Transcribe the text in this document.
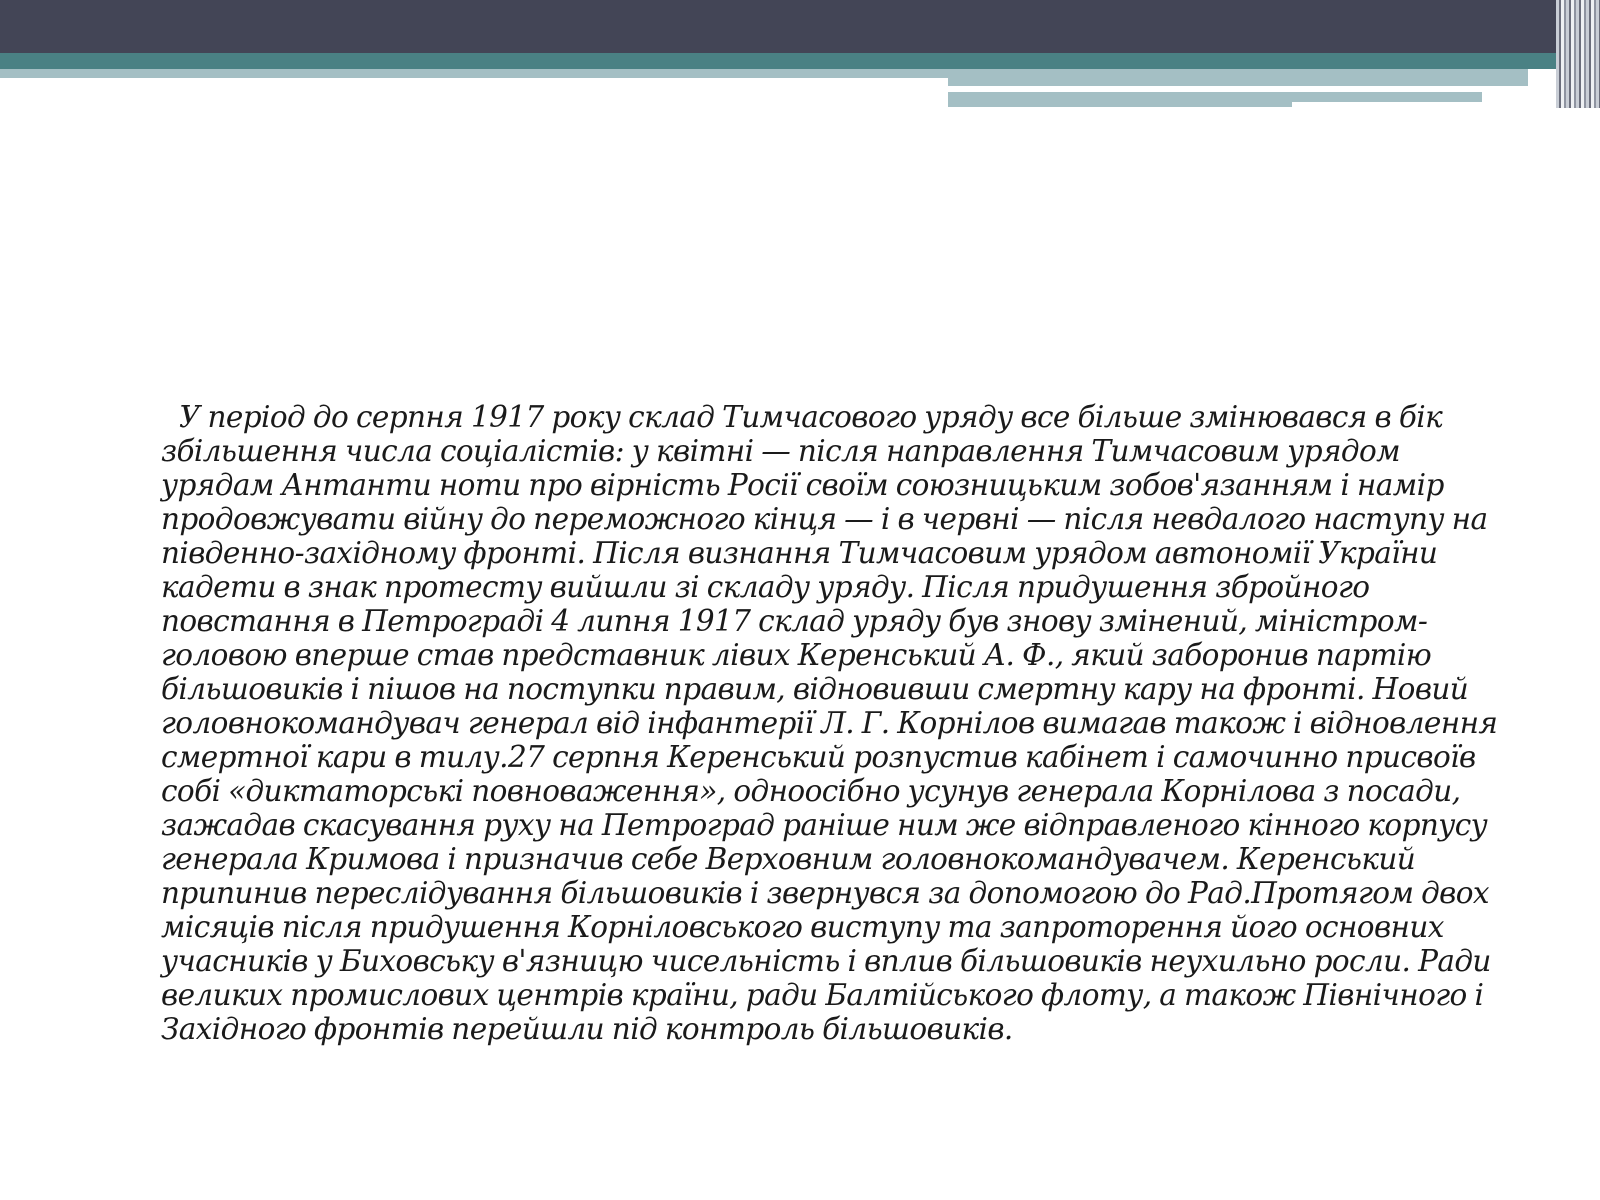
У період до серпня 1917 року склад Тимчасового уряду все більше змінювався в бік збільшення числа соціалістів: у квітні — після направлення Тимчасовим урядом урядам Антанти ноти про вірність Росії своїм союзницьким зобов'язанням і намір продовжувати війну до переможного кінця — і в червні — після невдалого наступу на південно-західному фронті. Після визнання Тимчасовим урядом автономії України кадети в знак протесту вийшли зі складу уряду. Після придушення збройного повстання в Петрограді 4 липня 1917 склад уряду був знову змінений, міністром-головою вперше став представник лівих Керенський А. Ф., який заборонив партію більшовиків і пішов на поступки правим, відновивши смертну кару на фронті. Новий головнокомандувач генерал від інфантерії Л. Г. Корнілов вимагав також і відновлення смертної кари в тилу.27 серпня Керенський розпустив кабінет і самочинно присвоїв собі «диктаторські повноваження», одноосібно усунув генерала Корнілова з посади, зажадав скасування руху на Петроград раніше ним же відправленого кінного корпусу генерала Кримова і призначив себе Верховним головнокомандувачем. Керенський припинив переслідування більшовиків і звернувся за допомогою до Рад.Протягом двох місяців після придушення Корніловського виступу та запроторення його основних учасників у Биховську в'язницю чисельність і вплив більшовиків неухильно росли. Ради великих промислових центрів країни, ради Балтійського флоту, а також Північного і Західного фронтів перейшли під контроль більшовиків.
